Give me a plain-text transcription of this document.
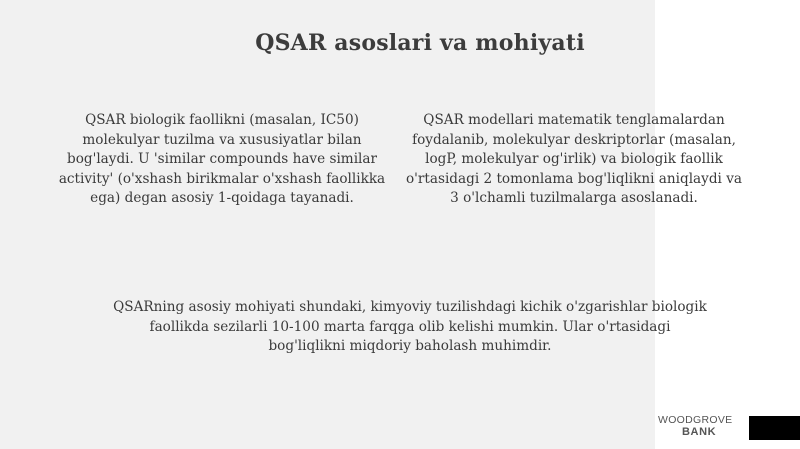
QSAR asoslari va mohiyati

QSAR biologik faollikni (masalan, IC50) molekulyar tuzilma va xususiyatlar bilan bog'laydi. U 'similar compounds have similar activity' (o'xshash birikmalar o'xshash faollikka ega) degan asosiy 1-qoidaga tayanadi.

QSAR modellari matematik tenglamalardan foydalanib, molekulyar deskriptorlar (masalan, logP, molekulyar og'irlik) va biologik faollik o'rtasidagi 2 tomonlama bog'liqlikni aniqlaydi va 3 o'lchamli tuzilmalarga asoslanadi.

QSARning asosiy mohiyati shundaki, kimyoviy tuzilishdagi kichik o'zgarishlar biologik faollikda sezilarli 10-100 marta farqga olib kelishi mumkin. Ular o'rtasidagi bog'liqlikni miqdoriy baholash muhimdir.

WOODGROVE
BANK
